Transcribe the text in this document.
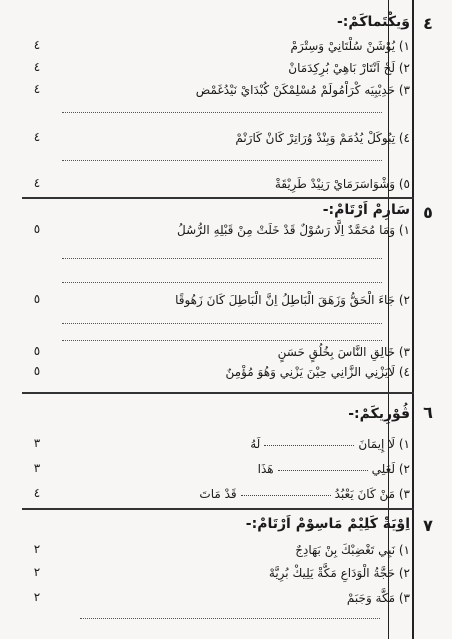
٤
وَيکْتَماکَمْ:-
١) يُوْشَنْ سُلْتَانِيْ وَسِتْرَمْ
٤
٢) لَحْ اَنْتَارْ بَاهِيْ بُرِکِدَمَانْ
٤
٣) حَدِيْبِيَه کْرَاْمُولَمْ مُسْلِمْکَنْ کُبْدَايْ نَيْدُغَمْض
٤
٤) تِبُوکَلْ يُدُمَمْ وَبِنْدْ وُرَاتِرْ کَانْ کَارَنْمْ
٤
٥) وَشْوَاسَرَمَايْ رَنِيْدْ طَرِيْقَةْ
٤
٥
سَارِمْ اَرْتَامْ:-
١) وَمَا مُحَمَّدٌ اِلَّا رَسُوْلٌ قَدْ خَلَتْ مِنْ قَبْلِهِ الرُّسُلُ
٥
٢) جَاءَ الْحَقُّ وَزَهَقَ الْبَاطِلُ اِنَّ الْبَاطِلَ كَانَ زَهُوقًا
٥
٣) خَالِقِ النَّاسَ بِخُلُقٍ حَسَنٍ
٥
٤) لَايَزْنِي الزَّانِي حِيْنَ يَزْنِي وَهُوَ مُؤْمِنٌ
٥
٦
ڤُوْرِيکَمْ:-
١) لَا إِيمَانَلَهُ
٣
٢) لَعَلِيهَذَا
٣
٣) مَنْ كَانَ يَعْبُدُقَدْ مَاتَ
٤
٧
اِوْيَةْ کَلِيْمْ مَاسِوْمْ اَرْتَامْ:-
١) نَبِي تَغْضِبْكَ بِنْ بَهَادِجٌ
٢
٢) حَجَّةُ الْوَدَاعِ مَكَّةْ يَلِيكْ بُرِيَّهْ
٢
٣) مَكَّة وَجَبَمْ
٢
